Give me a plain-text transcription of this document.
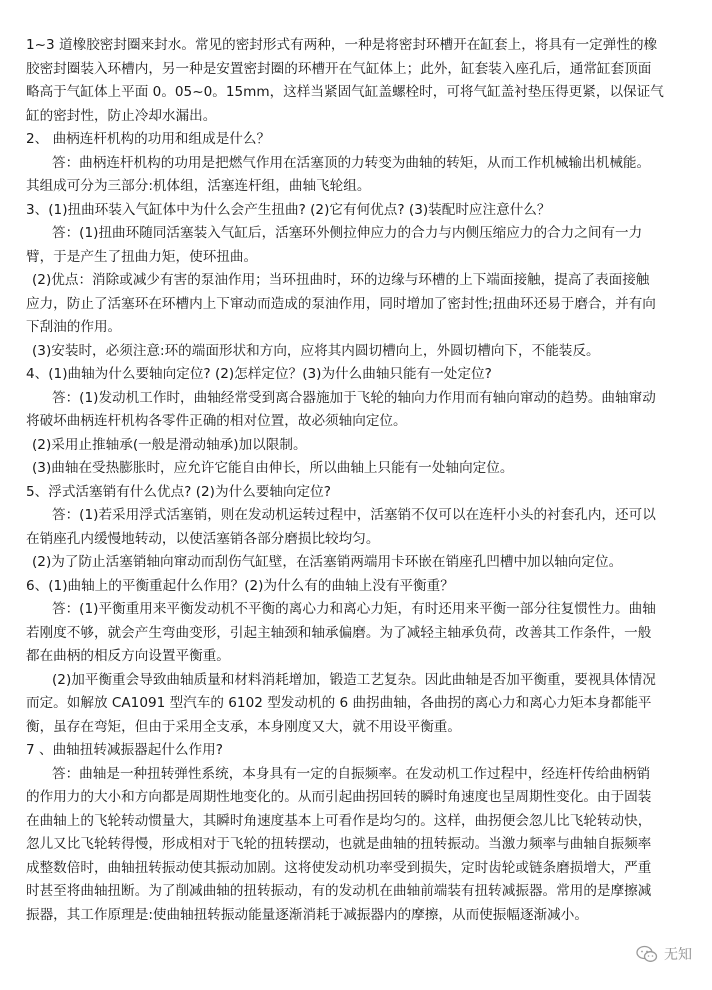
1~3 道橡胶密封圈来封水。常见的密封形式有两种，一种是将密封环槽开在缸套上，将具有一定弹性的橡
胶密封圈装入环槽内，另一种是安置密封圈的环槽开在气缸体上；此外，缸套装入座孔后，通常缸套顶面
略高于气缸体上平面 0。05~0。15mm，这样当紧固气缸盖螺栓时，可将气缸盖衬垫压得更紧，以保证气
缸的密封性，防止冷却水漏出。
2、 曲柄连杆机构的功用和组成是什么？
答：曲柄连杆机构的功用是把燃气作用在活塞顶的力转变为曲轴的转矩，从而工作机械输出机械能。
其组成可分为三部分:机体组，活塞连杆组，曲轴飞轮组。
3、(1)扭曲环装入气缸体中为什么会产生扭曲? (2)它有何优点? (3)装配时应注意什么？
答：(1)扭曲环随同活塞装入气缸后，活塞环外侧拉伸应力的合力与内侧压缩应力的合力之间有一力
臂，于是产生了扭曲力矩，使环扭曲。
(2)优点：消除或减少有害的泵油作用；当环扭曲时，环的边缘与环槽的上下端面接触，提高了表面接触
应力，防止了活塞环在环槽内上下窜动而造成的泵油作用，同时增加了密封性;扭曲环还易于磨合，并有向
下刮油的作用。
(3)安装时，必须注意:环的端面形状和方向，应将其内圆切槽向上，外圆切槽向下，不能装反。
4、(1)曲轴为什么要轴向定位? (2)怎样定位？(3)为什么曲轴只能有一处定位?
答：(1)发动机工作时，曲轴经常受到离合器施加于飞轮的轴向力作用而有轴向窜动的趋势。曲轴窜动
将破坏曲柄连杆机构各零件正确的相对位置，故必须轴向定位。
(2)采用止推轴承(一般是滑动轴承)加以限制。
(3)曲轴在受热膨胀时，应允许它能自由伸长，所以曲轴上只能有一处轴向定位。
5、浮式活塞销有什么优点? (2)为什么要轴向定位?
答：(1)若采用浮式活塞销，则在发动机运转过程中，活塞销不仅可以在连杆小头的衬套孔内，还可以
在销座孔内缓慢地转动，以使活塞销各部分磨损比较均匀。
(2)为了防止活塞销轴向窜动而刮伤气缸壁，在活塞销两端用卡环嵌在销座孔凹槽中加以轴向定位。
6、(1)曲轴上的平衡重起什么作用？(2)为什么有的曲轴上没有平衡重？
答：(1)平衡重用来平衡发动机不平衡的离心力和离心力矩，有时还用来平衡一部分往复惯性力。曲轴
若刚度不够，就会产生弯曲变形，引起主轴颈和轴承偏磨。为了减轻主轴承负荷，改善其工作条件，一般
都在曲柄的相反方向设置平衡重。
(2)加平衡重会导致曲轴质量和材料消耗增加，锻造工艺复杂。因此曲轴是否加平衡重，要视具体情况
而定。如解放 CA1091 型汽车的 6102 型发动机的 6 曲拐曲轴，各曲拐的离心力和离心力矩本身都能平
衡，虽存在弯矩，但由于采用全支承，本身刚度又大，就不用设平衡重。
7 、曲轴扭转减振器起什么作用?
答：曲轴是一种扭转弹性系统，本身具有一定的自振频率。在发动机工作过程中，经连杆传给曲柄销
的作用力的大小和方向都是周期性地变化的。从而引起曲拐回转的瞬时角速度也呈周期性变化。由于固装
在曲轴上的飞轮转动惯量大，其瞬时角速度基本上可看作是均匀的。这样，曲拐便会忽儿比飞轮转动快，
忽儿又比飞轮转得慢，形成相对于飞轮的扭转摆动，也就是曲轴的扭转振动。当激力频率与曲轴自振频率
成整数倍时，曲轴扭转振动使其振动加剧。这将使发动机功率受到损失，定时齿轮或链条磨损增大，严重
时甚至将曲轴扭断。为了削减曲轴的扭转振动，有的发动机在曲轴前端装有扭转减振器。常用的是摩擦减
振器，其工作原理是:使曲轴扭转振动能量逐渐消耗于减振器内的摩擦，从而使振幅逐渐减小。
无知
